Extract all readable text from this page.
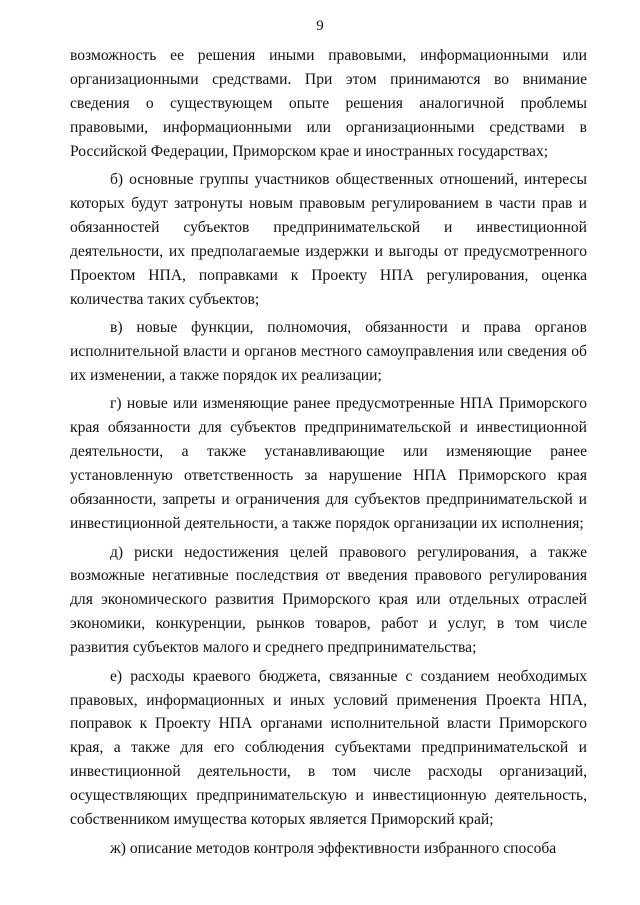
9

возможность ее решения иными правовыми, информационными или организационными средствами. При этом принимаются во внимание сведения о существующем опыте решения аналогичной проблемы правовыми, информационными или организационными средствами в Российской Федерации, Приморском крае и иностранных государствах;

б) основные группы участников общественных отношений, интересы которых будут затронуты новым правовым регулированием в части прав и обязанностей субъектов предпринимательской и инвестиционной деятельности, их предполагаемые издержки и выгоды от предусмотренного Проектом НПА, поправками к Проекту НПА регулирования, оценка количества таких субъектов;

в) новые функции, полномочия, обязанности и права органов исполнительной власти и органов местного самоуправления или сведения об их изменении, а также порядок их реализации;

г) новые или изменяющие ранее предусмотренные НПА Приморского края обязанности для субъектов предпринимательской и инвестиционной деятельности, а также устанавливающие или изменяющие ранее установленную ответственность за нарушение НПА Приморского края обязанности, запреты и ограничения для субъектов предпринимательской и инвестиционной деятельности, а также порядок организации их исполнения;

д) риски недостижения целей правового регулирования, а также возможные негативные последствия от введения правового регулирования для экономического развития Приморского края или отдельных отраслей экономики, конкуренции, рынков товаров, работ и услуг, в том числе развития субъектов малого и среднего предпринимательства;

е) расходы краевого бюджета, связанные с созданием необходимых правовых, информационных и иных условий применения Проекта НПА, поправок к Проекту НПА органами исполнительной власти Приморского края, а также для его соблюдения субъектами предпринимательской и инвестиционной деятельности, в том числе расходы организаций, осуществляющих предпринимательскую и инвестиционную деятельность, собственником имущества которых является Приморский край;

ж) описание методов контроля эффективности избранного способа
